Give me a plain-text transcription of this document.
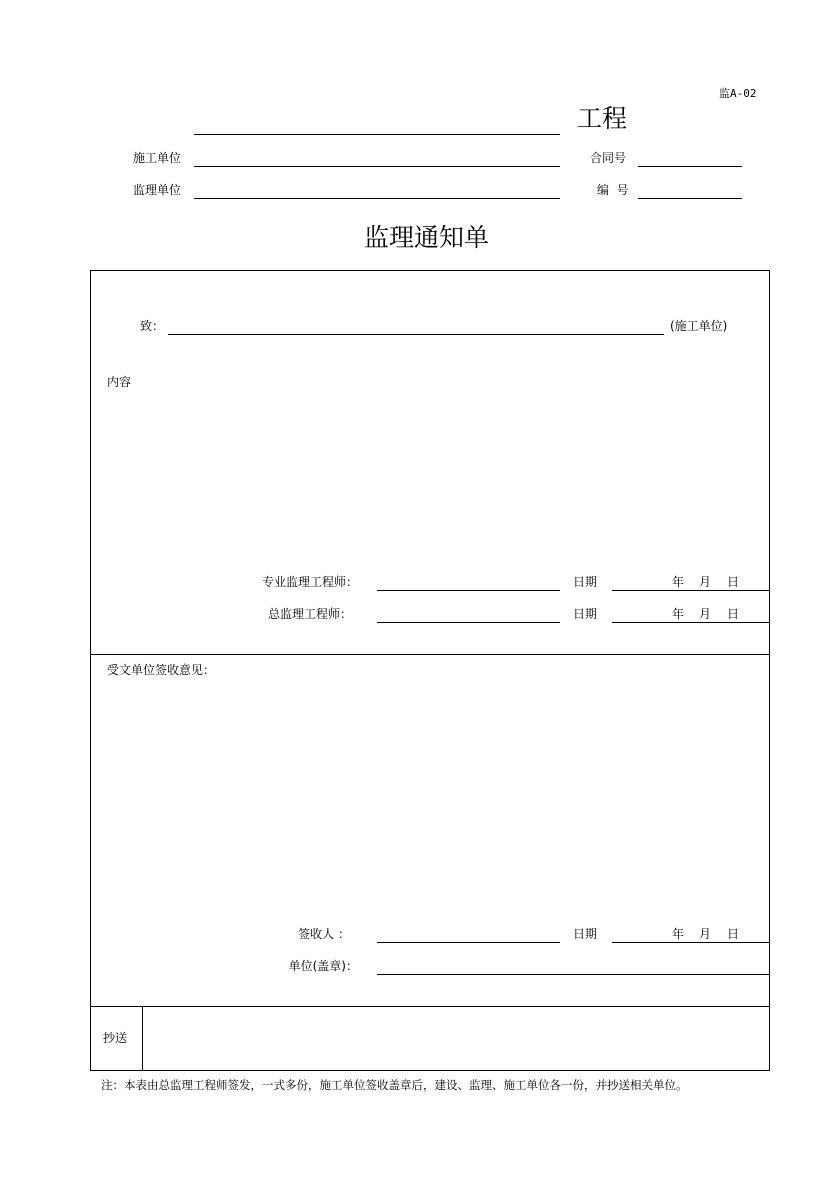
监A-02
工程
施工单位	合同号
监理单位	编  号
监理通知单
致：	(施工单位)
内容
专业监理工程师：	日期	年 月 日
总监理工程师：	日期	年 月 日
受文单位签收意见：
签收人 ：	日期	年 月 日
单位(盖章)：
抄送
注：本表由总监理工程师签发，一式多份，施工单位签收盖章后，建设、监理、施工单位各一份，并抄送相关单位。
